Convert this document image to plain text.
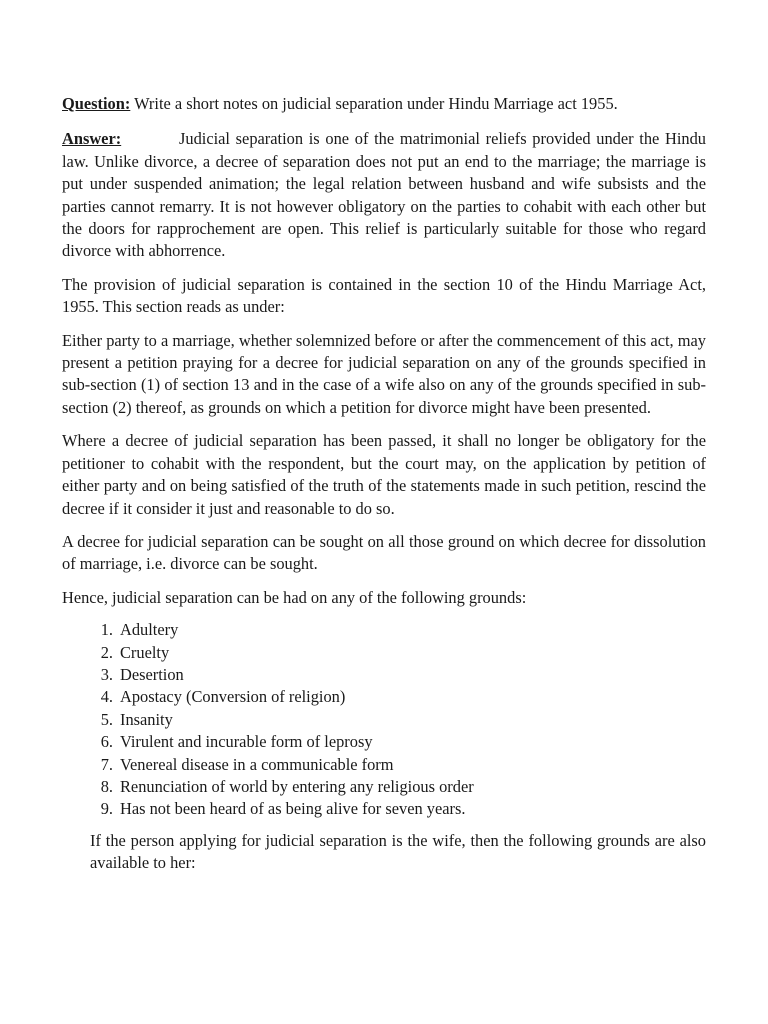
Question: Write a short notes on judicial separation under Hindu Marriage act 1955.

Answer:	Judicial separation is one of the matrimonial reliefs provided under the Hindu law. Unlike divorce, a decree of separation does not put an end to the marriage; the marriage is put under suspended animation; the legal relation between husband and wife subsists and the parties cannot remarry. It is not however obligatory on the parties to cohabit with each other but the doors for rapprochement are open. This relief is particularly suitable for those who regard divorce with abhorrence.

The provision of judicial separation is contained in the section 10 of the Hindu Marriage Act, 1955. This section reads as under:

Either party to a marriage, whether solemnized before or after the commencement of this act, may present a petition praying for a decree for judicial separation on any of the grounds specified in sub-section (1) of section 13 and in the case of a wife also on any of the grounds specified in sub-section (2) thereof, as grounds on which a petition for divorce might have been presented.

Where a decree of judicial separation has been passed, it shall no longer be obligatory for the petitioner to cohabit with the respondent, but the court may, on the application by petition of either party and on being satisfied of the truth of the statements made in such petition, rescind the decree if it consider it just and reasonable to do so.

A decree for judicial separation can be sought on all those ground on which decree for dissolution of marriage, i.e. divorce can be sought.

Hence, judicial separation can be had on any of the following grounds:

1. Adultery
2. Cruelty
3. Desertion
4. Apostacy (Conversion of religion)
5. Insanity
6. Virulent and incurable form of leprosy
7. Venereal disease in a communicable form
8. Renunciation of world by entering any religious order
9. Has not been heard of as being alive for seven years.

If the person applying for judicial separation is the wife, then the following grounds are also available to her:
